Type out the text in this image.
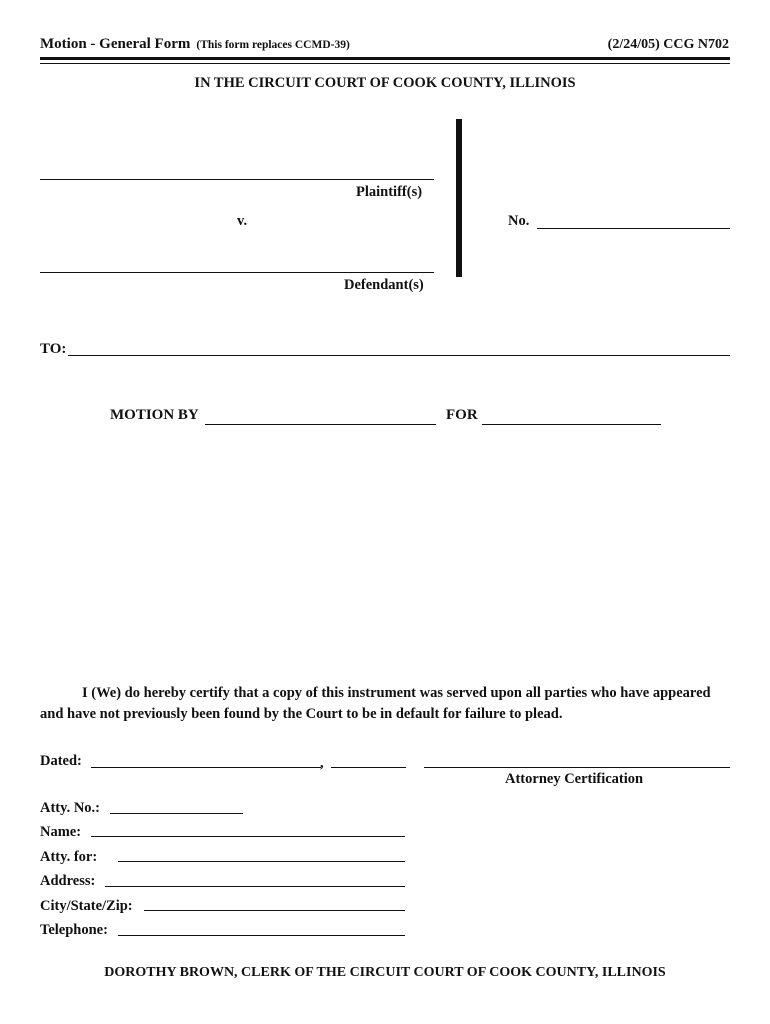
Motion - General Form (This form replaces CCMD-39)	(2/24/05) CCG N702
IN THE CIRCUIT COURT OF COOK COUNTY, ILLINOIS
Plaintiff(s)
v.
Defendant(s)
No.
TO:
MOTION BY	FOR
I (We) do hereby certify that a copy of this instrument was served upon all parties who have appeared and have not previously been found by the Court to be in default for failure to plead.
Dated:	,
Attorney Certification
Atty. No.:
Name:
Atty. for:
Address:
City/State/Zip:
Telephone:
DOROTHY BROWN, CLERK OF THE CIRCUIT COURT OF COOK COUNTY, ILLINOIS
